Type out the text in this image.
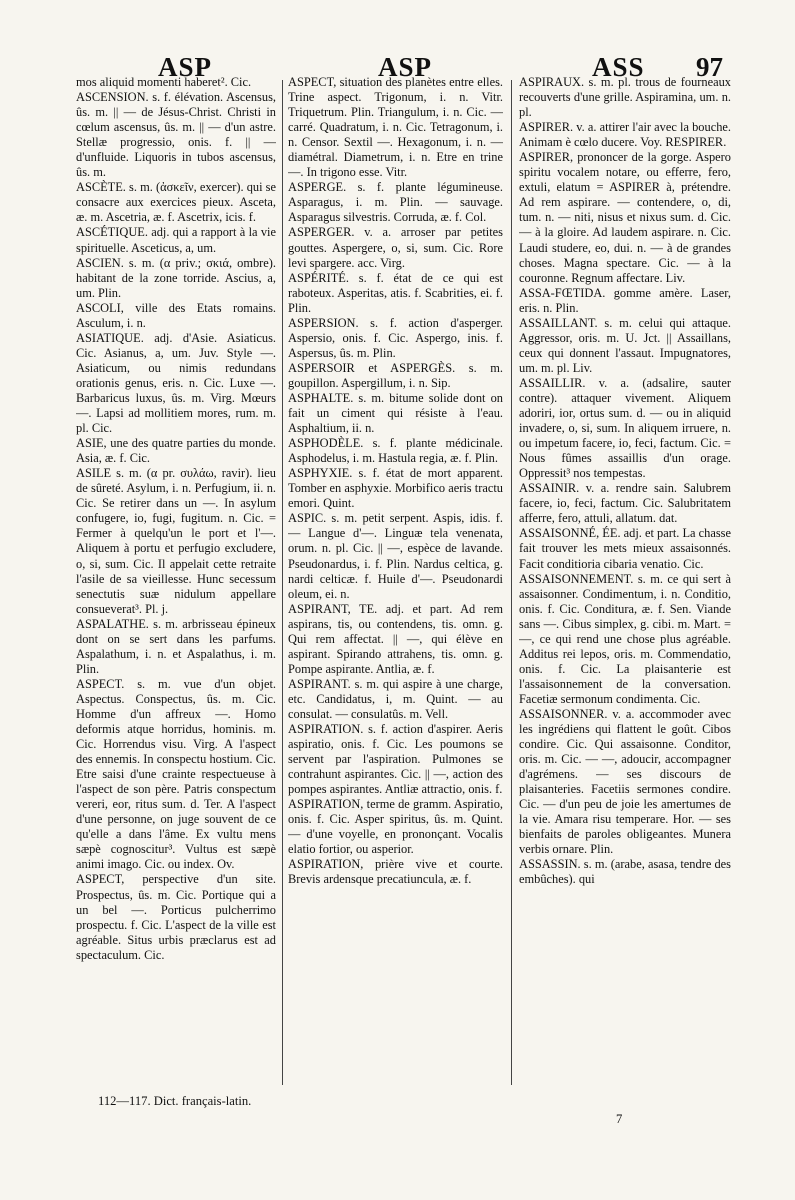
ASP	ASP	ASS 97

mos aliquid momenti haberet². Cic.

ASCENSION. s. f. élévation. Ascensus, ûs. m. || — de Jésus-Christ. Christi in cœlum ascensus, ûs. m. || — d'un astre. Stellæ progressio, onis. f. || — d'unfluide. Liquoris in tubos ascensus, ûs. m.

ASCÈTE. s. m. (ἀσκεῖν, exercer). qui se consacre aux exercices pieux. Asceta, æ. m. Ascetria, æ. f. Ascetrix, icis. f.

ASCÉTIQUE. adj. qui a rapport à la vie spirituelle. Asceticus, a, um.

ASCIEN. s. m. (α priv.; σκιά, ombre). habitant de la zone torride. Ascius, a, um. Plin.

ASCOLI, ville des Etats romains. Asculum, i. n.

ASIATIQUE. adj. d'Asie. Asiaticus. Cic. Asianus, a, um. Juv. Style —. Asiaticum, ou nimis redundans orationis genus, eris. n. Cic. Luxe —. Barbaricus luxus, ûs. m. Virg. Mœurs —. Lapsi ad mollitiem mores, rum. m. pl. Cic.

ASIE, une des quatre parties du monde. Asia, æ. f. Cic.

ASILE s. m. (α pr. συλάω, ravir). lieu de sûreté. Asylum, i. n. Perfugium, ii. n. Cic. Se retirer dans un —. In asylum confugere, io, fugi, fugitum. n. Cic. = Fermer à quelqu'un le port et l'—. Aliquem à portu et perfugio excludere, o, si, sum. Cic. Il appelait cette retraite l'asile de sa vieillesse. Hunc secessum senectutis suæ nidulum appellare consueverat³. Pl. j.

ASPALATHE. s. m. arbrisseau épineux dont on se sert dans les parfums. Aspalathum, i. n. et Aspalathus, i. m. Plin.

ASPECT. s. m. vue d'un objet. Aspectus. Conspectus, ûs. m. Cic. Homme d'un affreux —. Homo deformis atque horridus, hominis. m. Cic. Horrendus visu. Virg. A l'aspect des ennemis. In conspectu hostium. Cic. Etre saisi d'une crainte respectueuse à l'aspect de son père. Patris conspectum vereri, eor, ritus sum. d. Ter. A l'aspect d'une personne, on juge souvent de ce qu'elle a dans l'âme. Ex vultu mens sæpè cognoscitur³. Vultus est sæpè animi imago. Cic. ou index. Ov.

ASPECT, perspective d'un site. Prospectus, ûs. m. Cic. Portique qui a un bel —. Porticus pulcherrimo prospectu. f. Cic. L'aspect de la ville est agréable. Situs urbis præclarus est ad spectaculum. Cic.

ASPECT, situation des planètes entre elles. Trine aspect. Trigonum, i. n. Vitr. Triquetrum. Plin. Triangulum, i. n. Cic. — carré. Quadratum, i. n. Cic. Tetragonum, i. n. Censor. Sextil —. Hexagonum, i. n. — diamétral. Diametrum, i. n. Etre en trine —. In trigono esse. Vitr.

ASPERGE. s. f. plante légumineuse. Asparagus, i. m. Plin. — sauvage. Asparagus silvestris. Corruda, æ. f. Col.

ASPERGER. v. a. arroser par petites gouttes. Aspergere, o, si, sum. Cic. Rore levi spargere. acc. Virg.

ASPÉRITÉ. s. f. état de ce qui est raboteux. Asperitas, atis. f. Scabrities, ei. f. Plin.

ASPERSION. s. f. action d'asperger. Aspersio, onis. f. Cic. Aspergo, inis. f. Aspersus, ûs. m. Plin.

ASPERSOIR et ASPERGÈS. s. m. goupillon. Aspergillum, i. n. Sip.

ASPHALTE. s. m. bitume solide dont on fait un ciment qui résiste à l'eau. Asphaltium, ii. n.

ASPHODÈLE. s. f. plante médicinale. Asphodelus, i. m. Hastula regia, æ. f. Plin.

ASPHYXIE. s. f. état de mort apparent. Tomber en asphyxie. Morbifico aeris tractu emori. Quint.

ASPIC. s. m. petit serpent. Aspis, idis. f. — Langue d'—. Linguæ tela venenata, orum. n. pl. Cic. || —, espèce de lavande. Pseudonardus, i. f. Plin. Nardus celtica, g. nardi celticæ. f. Huile d'—. Pseudonardi oleum, ei. n.

ASPIRANT, TE. adj. et part. Ad rem aspirans, tis, ou contendens, tis. omn. g. Qui rem affectat. || —, qui élève en aspirant. Spirando attrahens, tis. omn. g. Pompe aspirante. Antlia, æ. f.

ASPIRANT. s. m. qui aspire à une charge, etc. Candidatus, i, m. Quint. — au consulat. — consulatûs. m. Vell.

ASPIRATION. s. f. action d'aspirer. Aeris aspiratio, onis. f. Cic. Les poumons se servent par l'aspiration. Pulmones se contrahunt aspirantes. Cic. || —, action des pompes aspirantes. Antliæ attractio, onis. f.

ASPIRATION, terme de gramm. Aspiratio, onis. f. Cic. Asper spiritus, ûs. m. Quint. — d'une voyelle, en prononçant. Vocalis elatio fortior, ou asperior.

ASPIRATION, prière vive et courte. Brevis ardensque precatiuncula, æ. f.

ASPIRAUX. s. m. pl. trous de fourneaux recouverts d'une grille. Aspiramina, um. n. pl.

ASPIRER. v. a. attirer l'air avec la bouche. Animam è cœlo ducere. Voy. RESPIRER.

ASPIRER, prononcer de la gorge. Aspero spiritu vocalem notare, ou efferre, fero, extuli, elatum = ASPIRER à, prétendre. Ad rem aspirare. — contendere, o, di, tum. n. — niti, nisus et nixus sum. d. Cic. — à la gloire. Ad laudem aspirare. n. Cic. Laudi studere, eo, dui. n. — à de grandes choses. Magna spectare. Cic. — à la couronne. Regnum affectare. Liv.

ASSA-FŒTIDA. gomme amère. Laser, eris. n. Plin.

ASSAILLANT. s. m. celui qui attaque. Aggressor, oris. m. U. Jct. || Assaillans, ceux qui donnent l'assaut. Impugnatores, um. m. pl. Liv.

ASSAILLIR. v. a. (adsalire, sauter contre). attaquer vivement. Aliquem adoriri, ior, ortus sum. d. — ou in aliquid invadere, o, si, sum. In aliquem irruere, n. ou impetum facere, io, feci, factum. Cic. = Nous fûmes assaillis d'un orage. Oppressit³ nos tempestas.

ASSAINIR. v. a. rendre sain. Salubrem facere, io, feci, factum. Cic. Salubritatem afferre, fero, attuli, allatum. dat.

ASSAISONNÉ, ÉE. adj. et part. La chasse fait trouver les mets mieux assaisonnés. Facit conditioria cibaria venatio. Cic.

ASSAISONNEMENT. s. m. ce qui sert à assaisonner. Condimentum, i. n. Conditio, onis. f. Cic. Conditura, æ. f. Sen. Viande sans —. Cibus simplex, g. cibi. m. Mart. = —, ce qui rend une chose plus agréable. Additus rei lepos, oris. m. Commendatio, onis. f. Cic. La plaisanterie est l'assaisonnement de la conversation. Facetiæ sermonum condimenta. Cic.

ASSAISONNER. v. a. accommoder avec les ingrédiens qui flattent le goût. Cibos condire. Cic. Qui assaisonne. Conditor, oris. m. Cic. — —, adoucir, accompagner d'agrémens. — ses discours de plaisanteries. Facetiis sermones condire. Cic. — d'un peu de joie les amertumes de la vie. Amara risu temperare. Hor. — ses bienfaits de paroles obligeantes. Munera verbis ornare. Plin.

ASSASSIN. s. m. (arabe, asasa, tendre des embûches). qui

112—117. Dict. français-latin.
7
